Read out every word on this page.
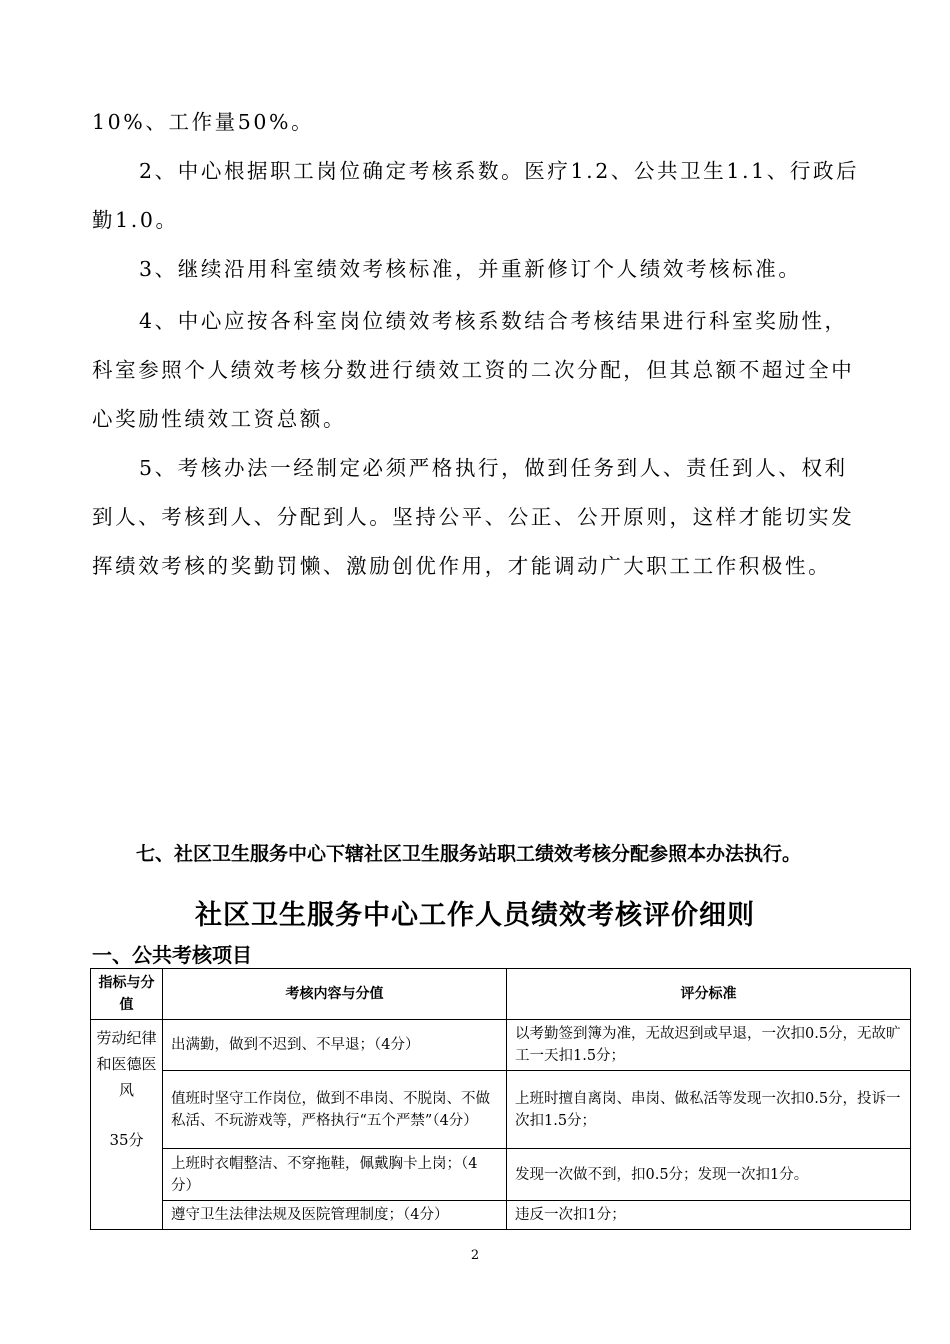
10%、工作量50%。

2、中心根据职工岗位确定考核系数。医疗1.2、公共卫生1.1、行政后勤1.0。

3、继续沿用科室绩效考核标准，并重新修订个人绩效考核标准。

4、中心应按各科室岗位绩效考核系数结合考核结果进行科室奖励性，科室参照个人绩效考核分数进行绩效工资的二次分配，但其总额不超过全中心奖励性绩效工资总额。

5、考核办法一经制定必须严格执行，做到任务到人、责任到人、权利到人、考核到人、分配到人。坚持公平、公正、公开原则，这样才能切实发挥绩效考核的奖勤罚懒、激励创优作用，才能调动广大职工工作积极性。

七、社区卫生服务中心下辖社区卫生服务站职工绩效考核分配参照本办法执行。

社区卫生服务中心工作人员绩效考核评价细则
一、公共考核项目
指标与分值	考核内容与分值	评分标准
劳动纪律和医德医风
35分	出满勤，做到不迟到、不早退；（4分）	以考勤签到簿为准，无故迟到或早退，一次扣0.5分，无故旷工一天扣1.5分；
	值班时坚守工作岗位，做到不串岗、不脱岗、不做私活、不玩游戏等，严格执行“五个严禁”（4分）	上班时擅自离岗、串岗、做私活等发现一次扣0.5分，投诉一次扣1.5分；
	上班时衣帽整洁、不穿拖鞋，佩戴胸卡上岗；（4分）	发现一次做不到，扣0.5分；发现一次扣1分。
	遵守卫生法律法规及医院管理制度；（4分）	违反一次扣1分；
2
